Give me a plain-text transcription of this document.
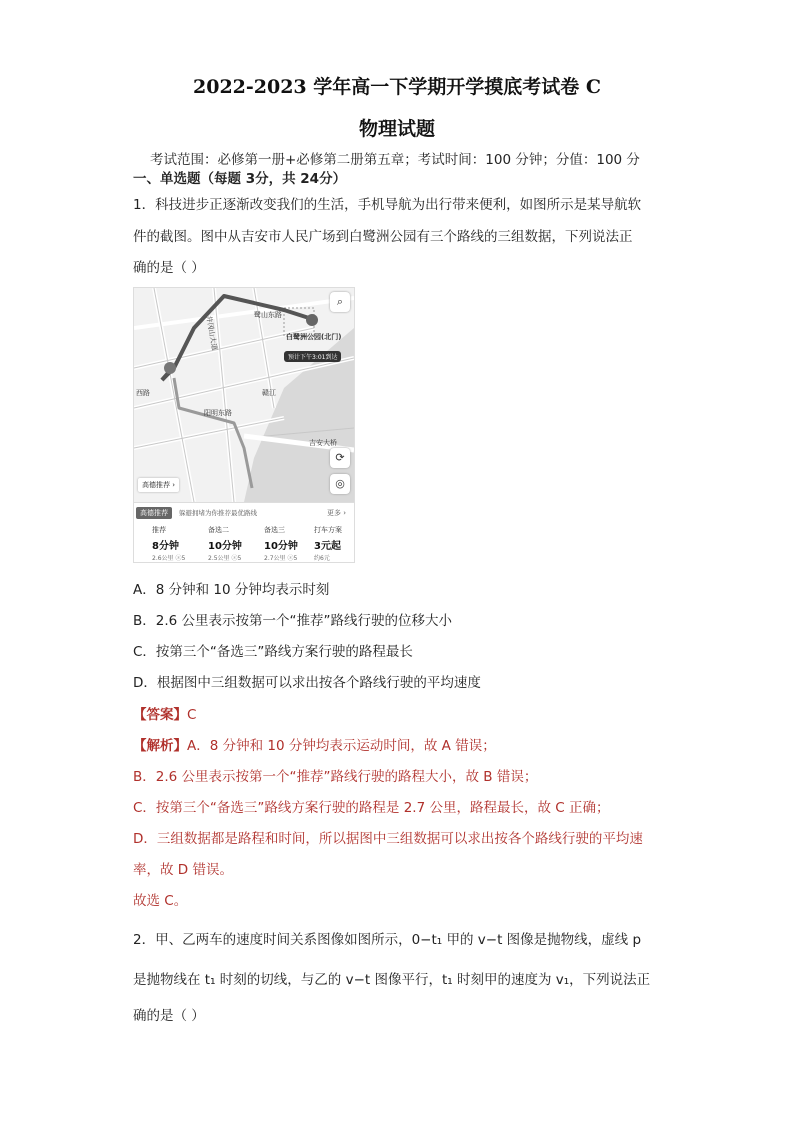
2022-2023 学年高一下学期开学摸底考试卷 C
物理试题
考试范围：必修第一册+必修第二册第五章；考试时间：100 分钟；分值：100 分
一、单选题（每题 3分，共 24分）
1．科技进步正逐渐改变我们的生活，手机导航为出行带来便利，如图所示是某导航软
件的截图。图中从吉安市人民广场到白鹭洲公园有三个路线的三组数据，下列说法正
确的是（ ）
鹭山东路
井冈山大道
阳明东路
吉安大桥
赣江
西路
白鹭洲公园(北门)
预计下午3:01到达
高德推荐 ›
⌕
⟳
◎
高德推荐	躲避拥堵为你推荐最优路线	更多 ›
推荐
8分钟
2.6公里 ⓢ5
备选二
10分钟
2.5公里 ⓢ5
备选三
10分钟
2.7公里 ⓢ5
打车方案
3元起
约6元
A．8 分钟和 10 分钟均表示时刻
B．2.6 公里表示按第一个“推荐”路线行驶的位移大小
C．按第三个“备选三”路线方案行驶的路程最长
D．根据图中三组数据可以求出按各个路线行驶的平均速度
【答案】C
【解析】A．8 分钟和 10 分钟均表示运动时间，故 A 错误；
B．2.6 公里表示按第一个“推荐”路线行驶的路程大小，故 B 错误；
C．按第三个“备选三”路线方案行驶的路程是 2.7 公里，路程最长，故 C 正确；
D．三组数据都是路程和时间，所以据图中三组数据可以求出按各个路线行驶的平均速
率，故 D 错误。
故选 C。
2．甲、乙两车的速度时间关系图像如图所示，0−t₁ 甲的 v−t 图像是抛物线，虚线 p
是抛物线在 t₁ 时刻的切线，与乙的 v−t 图像平行，t₁ 时刻甲的速度为 v₁，下列说法正
确的是（ ）
